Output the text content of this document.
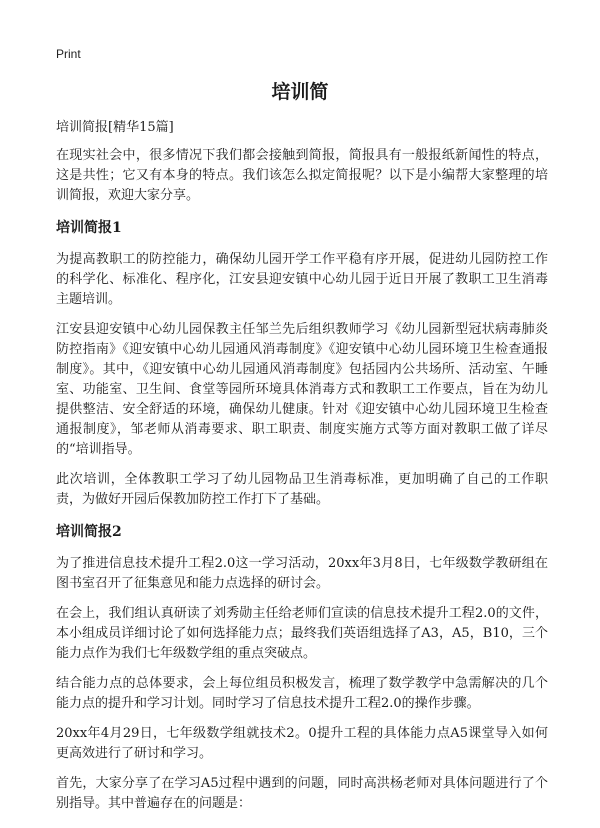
Print
培训简
培训简报[精华15篇]

在现实社会中，很多情况下我们都会接触到简报，简报具有一般报纸新闻性的特点，这是共性；它又有本身的特点。我们该怎么拟定简报呢？以下是小编帮大家整理的培训简报，欢迎大家分享。

培训简报1

为提高教职工的防控能力，确保幼儿园开学工作平稳有序开展，促进幼儿园防控工作的科学化、标准化、程序化，江安县迎安镇中心幼儿园于近日开展了教职工卫生消毒主题培训。

江安县迎安镇中心幼儿园保教主任邹兰先后组织教师学习《幼儿园新型冠状病毒肺炎防控指南》《迎安镇中心幼儿园通风消毒制度》《迎安镇中心幼儿园环境卫生检查通报制度》。其中，《迎安镇中心幼儿园通风消毒制度》包括园内公共场所、活动室、午睡室、功能室、卫生间、食堂等园所环境具体消毒方式和教职工工作要点，旨在为幼儿提供整洁、安全舒适的环境，确保幼儿健康。针对《迎安镇中心幼儿园环境卫生检查通报制度》，邹老师从消毒要求、职工职责、制度实施方式等方面对教职工做了详尽的“培训指导。

此次培训，全体教职工学习了幼儿园物品卫生消毒标准，更加明确了自己的工作职责，为做好开园后保教加防控工作打下了基础。

培训简报2

为了推进信息技术提升工程2.0这一学习活动，20xx年3月8日，七年级数学教研组在图书室召开了征集意见和能力点选择的研讨会。

在会上，我们组认真研读了刘秀勋主任给老师们宣读的信息技术提升工程2.0的文件，本小组成员详细讨论了如何选择能力点；最终我们英语组选择了A3，A5，B10，三个能力点作为我们七年级数学组的重点突破点。

结合能力点的总体要求，会上每位组员积极发言，梳理了数学教学中急需解决的几个能力点的提升和学习计划。同时学习了信息技术提升工程2.0的操作步骤。

20xx年4月29日，七年级数学组就技术2。0提升工程的具体能力点A5课堂导入如何更高效进行了研讨和学习。

首先，大家分享了在学习A5过程中遇到的问题，同时高洪杨老师对具体问题进行了个别指导。其中普遍存在的问题是：
